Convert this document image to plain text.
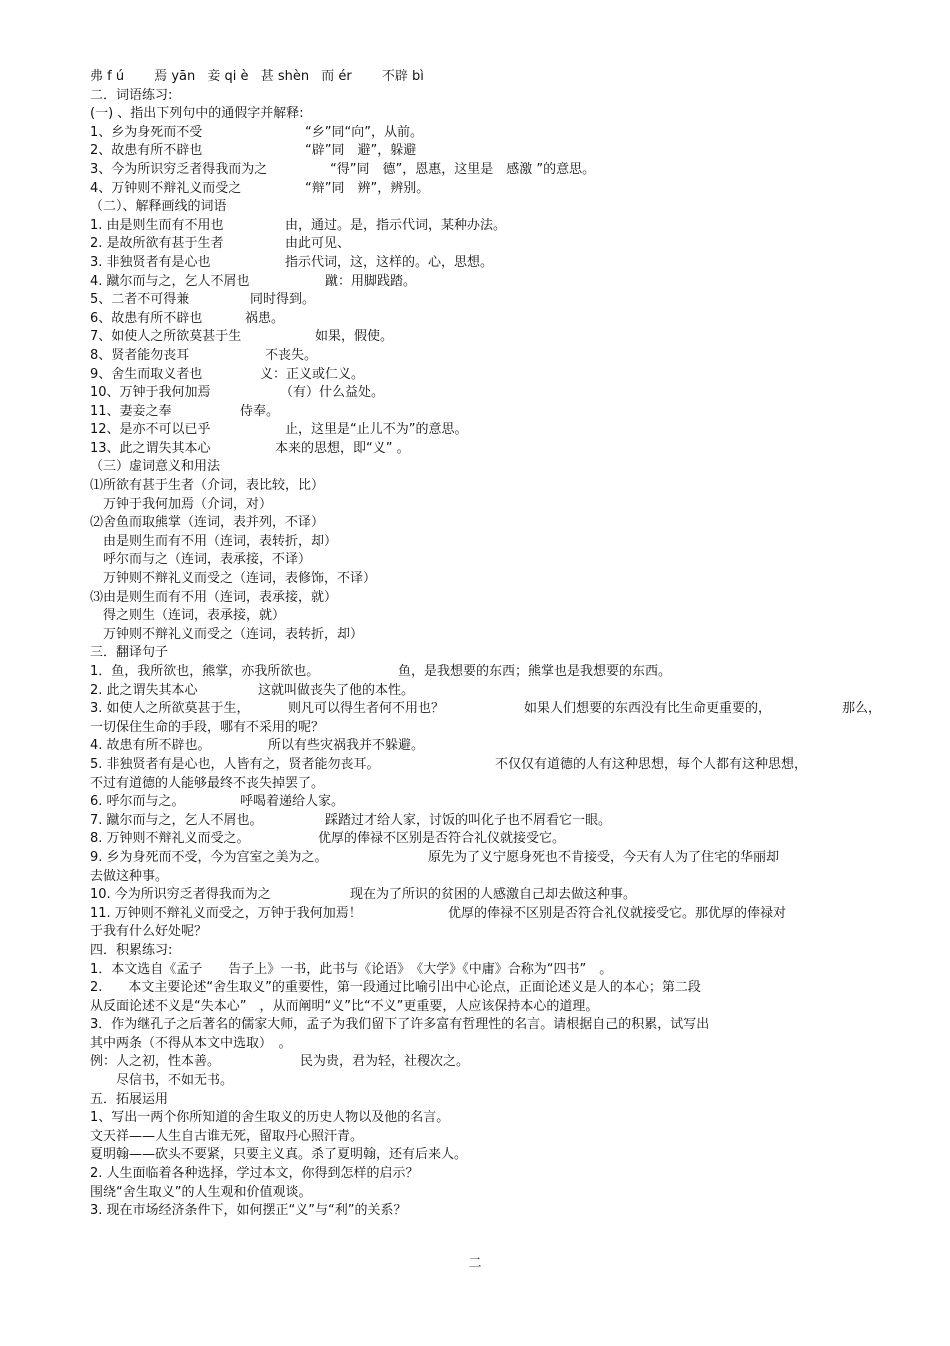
弗 f ú 焉 yān 妾 qi è 甚 shèn 而 ér 不辟 bì
二．词语练习:
(一) 、指出下列句中的通假字并解释:
1、乡为身死而不受	“乡”同“向”，从前。
2、故患有所不辟也	“辟”同　避”，躲避
3、今为所识穷乏者得我而为之	“得”同　德”，恩惠，这里是　感激 ”的意思。
4、万钟则不辩礼义而受之	“辩”同　辨”，辨别。
（二）、解释画线的词语
1. 由是则生而有不用也	由，通过。是，指示代词，某种办法。
2. 是故所欲有甚于生者	由此可见、
3. 非独贤者有是心也	指示代词，这，这样的。心，思想。
4. 蹴尔而与之，乞人不屑也	蹴：用脚践踏。
5、二者不可得兼	同时得到。
6、故患有所不辟也	祸患。
7、如使人之所欲莫甚于生	如果，假使。
8、贤者能勿丧耳	不丧失。
9、舍生而取义者也	义：正义或仁义。
10、万钟于我何加焉	（有）什么益处。
11、妻妾之奉	侍奉。
12、是亦不可以已乎	止，这里是“止儿不为”的意思。
13、此之谓失其本心	本来的思想，即“义” 。
（三）虚词意义和用法
⑴所欲有甚于生者（介词，表比较，比）
　万钟于我何加焉（介词，对）
⑵舍鱼而取熊掌（连词，表并列，不译）
　由是则生而有不用（连词，表转折，却）
　呼尔而与之（连词，表承接，不译）
　万钟则不辩礼义而受之（连词，表修饰，不译）
⑶由是则生而有不用（连词，表承接，就）
　得之则生（连词，表承接，就）
　万钟则不辩礼义而受之（连词，表转折，却）
三．翻译句子
1．鱼，我所欲也，熊掌，亦我所欲也。	鱼，是我想要的东西；熊掌也是我想要的东西。
2. 此之谓失其本心	这就叫做丧失了他的本性。
3. 如使人之所欲莫甚于生，	则凡可以得生者何不用也？	如果人们想要的东西没有比生命更重要的，	那么，
一切保住生命的手段，哪有不采用的呢？
4. 故患有所不辟也。	所以有些灾祸我并不躲避。
5. 非独贤者有是心也，人皆有之，贤者能勿丧耳。	不仅仅有道德的人有这种思想，每个人都有这种思想，
不过有道德的人能够最终不丧失掉罢了。
6. 呼尔而与之。	呼喝着递给人家。
7. 蹴尔而与之，乞人不屑也。	踩踏过才给人家，讨饭的叫化子也不屑看它一眼。
8. 万钟则不辩礼义而受之。	优厚的俸禄不区别是否符合礼仪就接受它。
9. 乡为身死而不受，今为宫室之美为之。	原先为了义宁愿身死也不肯接受，今天有人为了住宅的华丽却
去做这种事。
10. 今为所识穷乏者得我而为之	现在为了所识的贫困的人感激自己却去做这种事。
11. 万钟则不辩礼义而受之，万钟于我何加焉！	优厚的俸禄不区别是否符合礼仪就接受它。那优厚的俸禄对
于我有什么好处呢？
四．积累练习:
1．本文选自《孟子　　告子上》一书，此书与《论语》　《大学》《中庸》合称为“四书”　。
2.　　本文主要论述“舍生取义”的重要性，第一段通过比喻引出中心论点，正面论述义是人的本心；第二段
从反面论述不义是“失本心”　，从而阐明“义”比“不义”更重要，人应该保持本心的道理。
3．作为继孔子之后著名的儒家大师，孟子为我们留下了许多富有哲理性的名言。请根据自己的积累，试写出
其中两条（不得从本文中选取）　。
例：人之初，性本善。	民为贵，君为轻，社稷次之。
　　尽信书，不如无书。
五．拓展运用
1、写出一两个你所知道的舍生取义的历史人物以及他的名言。
文天祥——人生自古谁无死，留取丹心照汗青。
夏明翰——砍头不要紧，只要主义真。杀了夏明翰，还有后来人。
2. 人生面临着各种选择，学过本文，你得到怎样的启示？
围绕“舍生取义”的人生观和价值观谈。
3. 现在市场经济条件下，如何摆正“义”与“利”的关系？
二
